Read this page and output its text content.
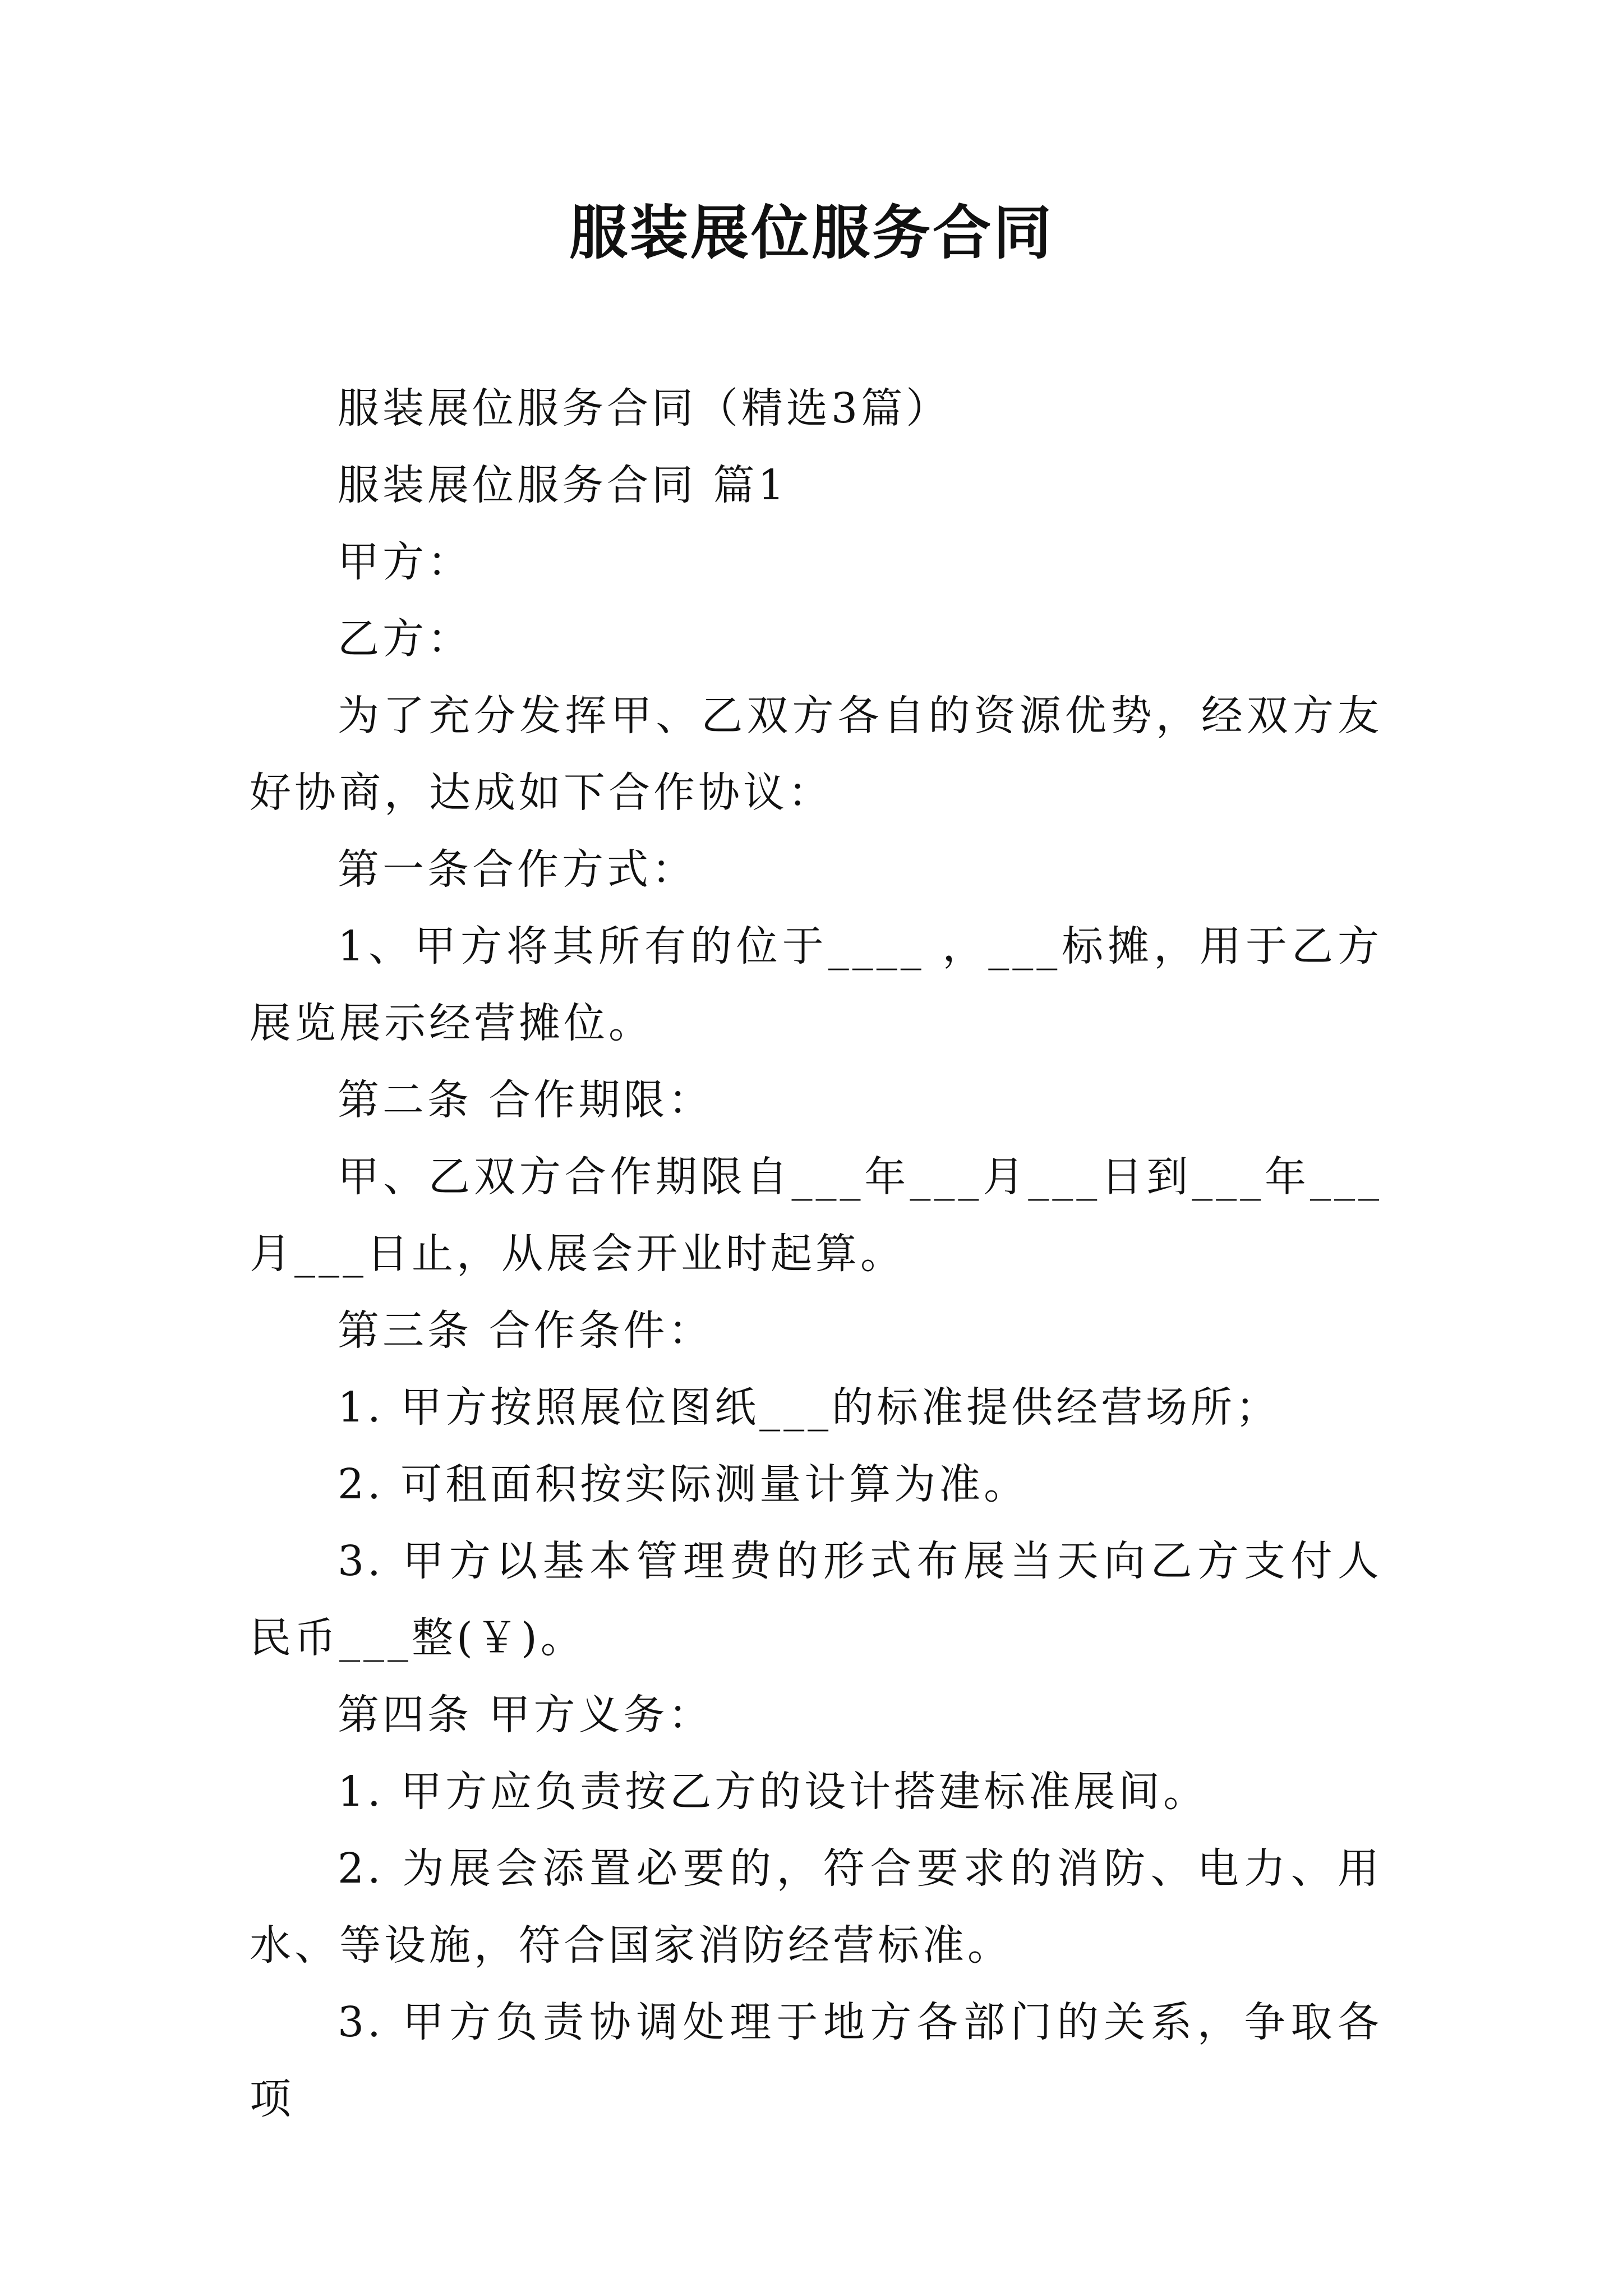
服装展位服务合同

服装展位服务合同（精选3篇）

服装展位服务合同 篇1

甲方：

乙方：

为了充分发挥甲、乙双方各自的资源优势，经双方友好协商，达成如下合作协议：

第一条合作方式：

1、甲方将其所有的位于____ ，___标摊，用于乙方展览展示经营摊位。

第二条 合作期限：

甲、乙双方合作期限自___年___月___日到___年___月___日止，从展会开业时起算。

第三条 合作条件：

1. 甲方按照展位图纸___的标准提供经营场所；

2. 可租面积按实际测量计算为准。

3. 甲方以基本管理费的形式布展当天向乙方支付人民币___整(￥)。

第四条 甲方义务：

1. 甲方应负责按乙方的设计搭建标准展间。

2. 为展会添置必要的，符合要求的消防、电力、用水、等设施，符合国家消防经营标准。

3. 甲方负责协调处理于地方各部门的关系，争取各项
